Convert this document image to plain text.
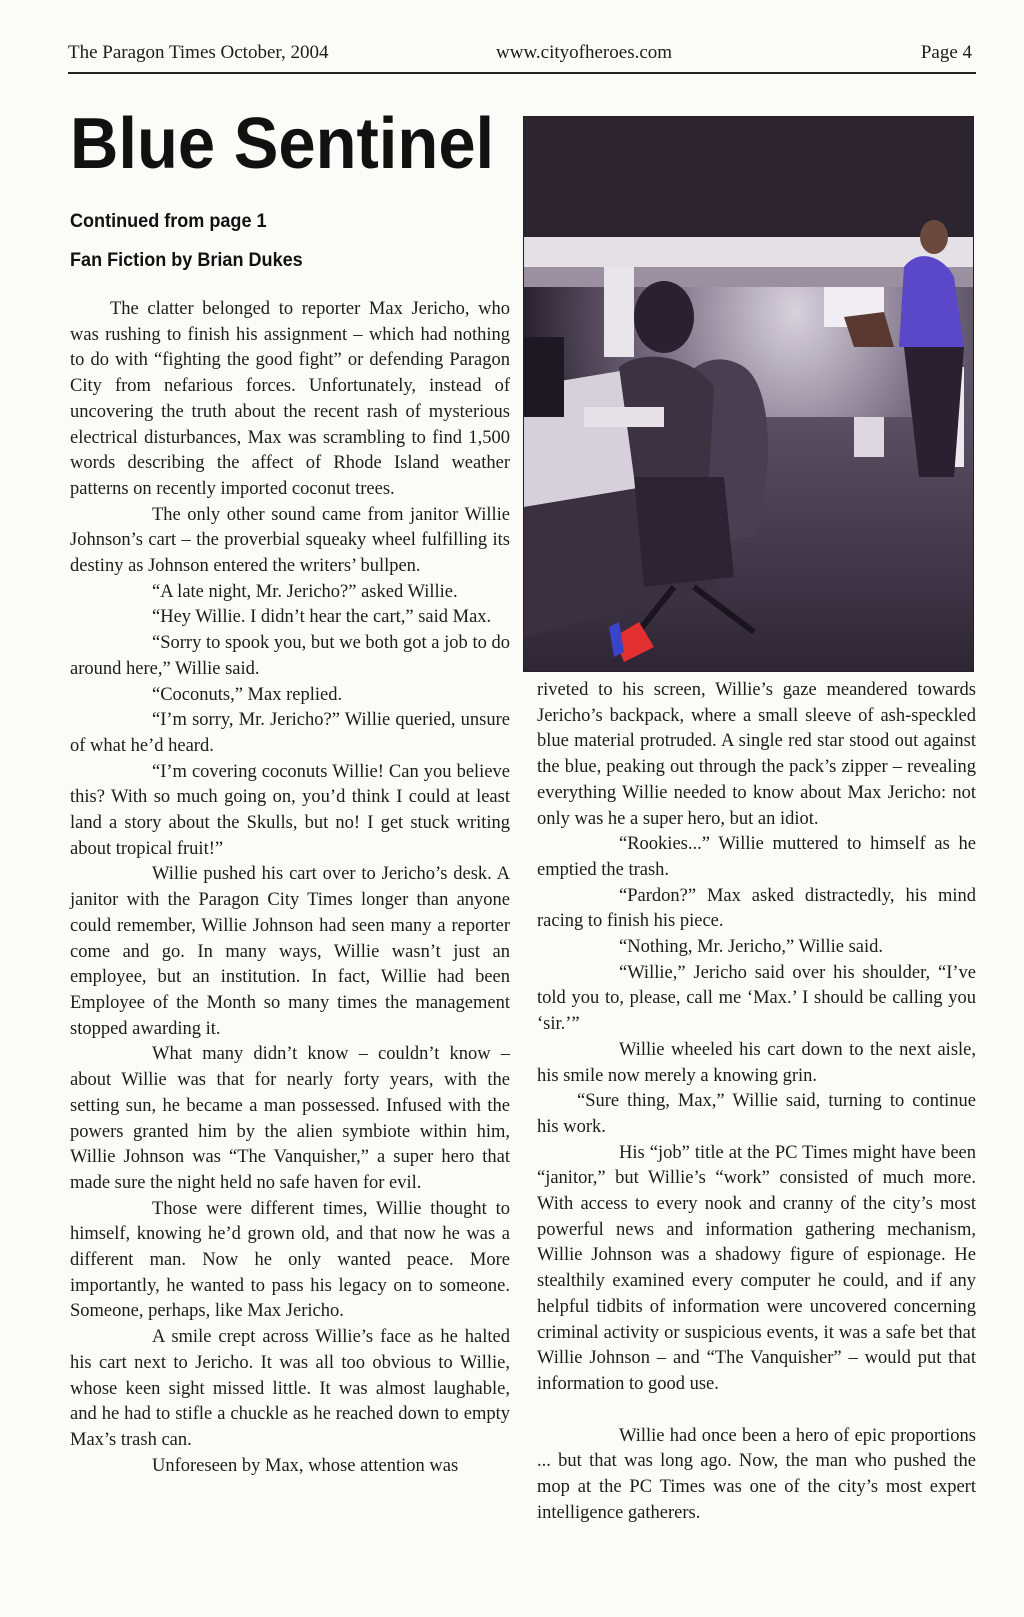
The Paragon Times October, 2004	www.cityofheroes.com	Page 4
Blue Sentinel
Continued from page 1
Fan Fiction by Brian Dukes

The clatter belonged to reporter Max Jericho, who was rushing to finish his assignment – which had nothing to do with “fighting the good fight” or defending Paragon City from nefarious forces. Unfortunately, instead of uncovering the truth about the recent rash of mysterious electrical disturbances, Max was scrambling to find 1,500 words describing the affect of Rhode Island weather patterns on recently imported coconut trees.

The only other sound came from janitor Willie Johnson’s cart – the proverbial squeaky wheel fulfilling its destiny as Johnson entered the writers’ bullpen.

“A late night, Mr. Jericho?” asked Willie.

“Hey Willie. I didn’t hear the cart,” said Max.

“Sorry to spook you, but we both got a job to do around here,” Willie said.

“Coconuts,” Max replied.

“I’m sorry, Mr. Jericho?” Willie queried, unsure of what he’d heard.

“I’m covering coconuts Willie! Can you believe this? With so much going on, you’d think I could at least land a story about the Skulls, but no! I get stuck writing about tropical fruit!”

Willie pushed his cart over to Jericho’s desk. A janitor with the Paragon City Times longer than anyone could remember, Willie Johnson had seen many a reporter come and go. In many ways, Willie wasn’t just an employee, but an institution. In fact, Willie had been Employee of the Month so many times the management stopped awarding it.

What many didn’t know – couldn’t know – about Willie was that for nearly forty years, with the setting sun, he became a man possessed. Infused with the powers granted him by the alien symbiote within him, Willie Johnson was “The Vanquisher,” a super hero that made sure the night held no safe haven for evil.

Those were different times, Willie thought to himself, knowing he’d grown old, and that now he was a different man. Now he only wanted peace. More importantly, he wanted to pass his legacy on to someone. Someone, perhaps, like Max Jericho.

A smile crept across Willie’s face as he halted his cart next to Jericho. It was all too obvious to Willie, whose keen sight missed little. It was almost laughable, and he had to stifle a chuckle as he reached down to empty Max’s trash can.

Unforeseen by Max, whose attention was

riveted to his screen, Willie’s gaze meandered towards Jericho’s backpack, where a small sleeve of ash-speckled blue material protruded. A single red star stood out against the blue, peaking out through the pack’s zipper – revealing everything Willie needed to know about Max Jericho: not only was he a super hero, but an idiot.

“Rookies...” Willie muttered to himself as he emptied the trash.

“Pardon?” Max asked distractedly, his mind racing to finish his piece.

“Nothing, Mr. Jericho,” Willie said.

“Willie,” Jericho said over his shoulder, “I’ve told you to, please, call me ‘Max.’ I should be calling you ‘sir.’”

Willie wheeled his cart down to the next aisle, his smile now merely a knowing grin.

“Sure thing, Max,” Willie said, turning to continue his work.

His “job” title at the PC Times might have been “janitor,” but Willie’s “work” consisted of much more. With access to every nook and cranny of the city’s most powerful news and information gathering mechanism, Willie Johnson was a shadowy figure of espionage. He stealthily examined every computer he could, and if any helpful tidbits of information were uncovered concerning criminal activity or suspicious events, it was a safe bet that Willie Johnson – and “The Vanquisher” – would put that information to good use.

Willie had once been a hero of epic proportions ... but that was long ago. Now, the man who pushed the mop at the PC Times was one of the city’s most expert intelligence gatherers.
